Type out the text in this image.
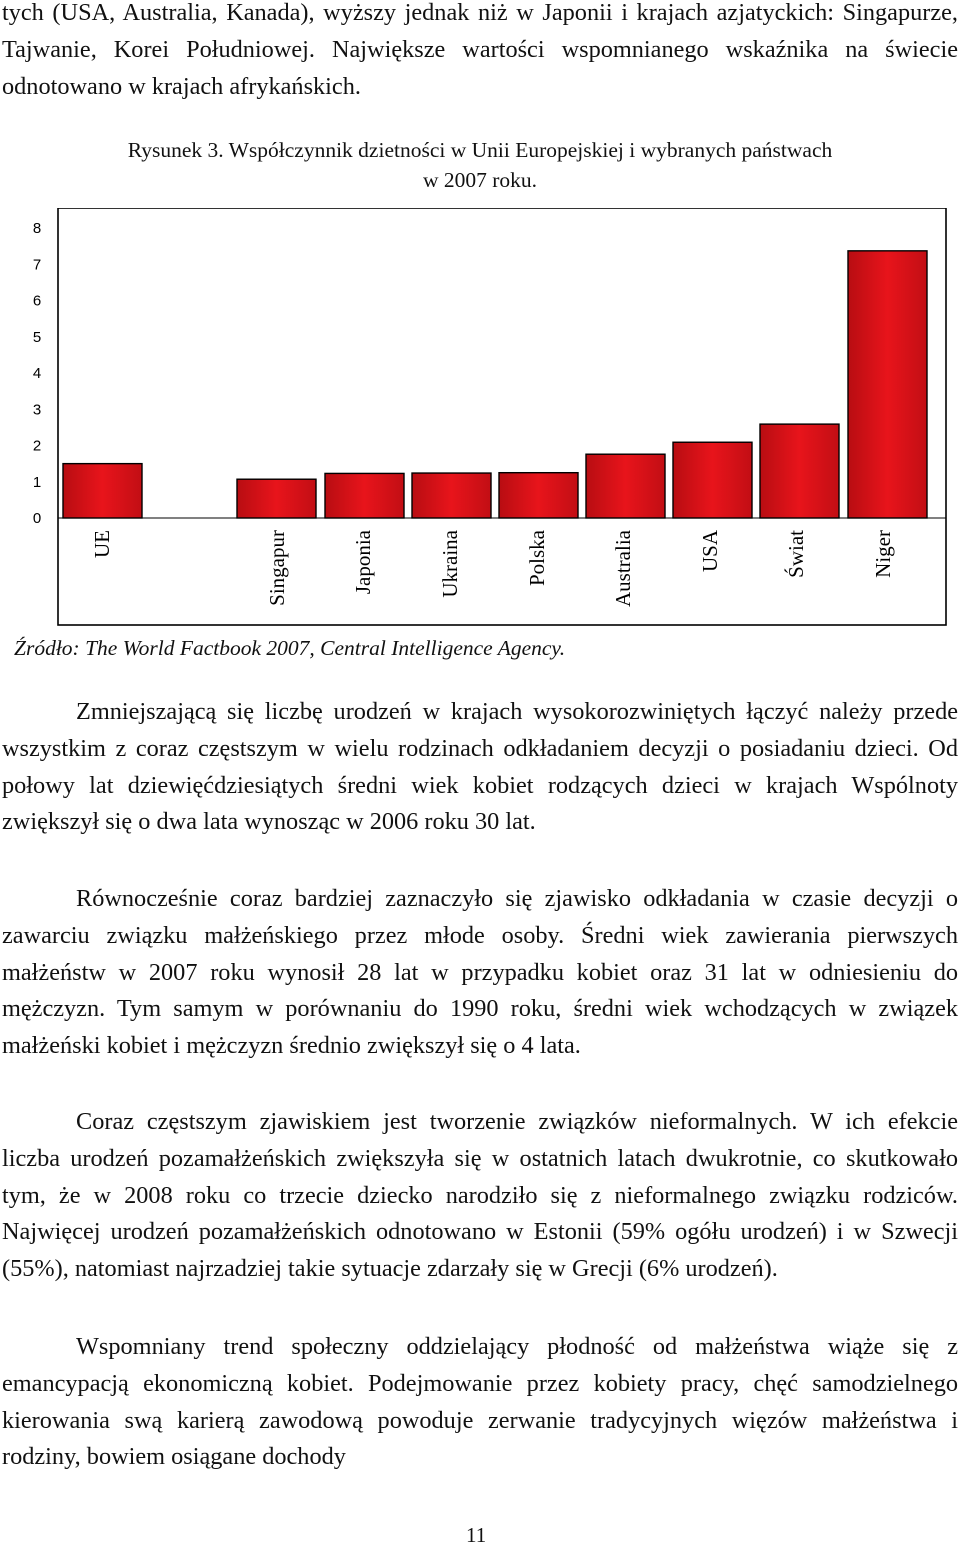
tych (USA, Australia, Kanada), wyższy jednak niż w Japonii i krajach azjatyckich: Singapurze, Tajwanie, Korei Południowej. Największe wartości wspomnianego wskaźnika na świecie odnotowano w krajach afrykańskich.
Rysunek 3. Współczynnik dzietności w Unii Europejskiej i wybranych państwach
w 2007 roku.
0
1
2
3
4
5
6
7
8
UE	Singapur	Japonia	Ukraina	Polska	Australia	USA	Świat	Niger
Źródło: The World Factbook 2007, Central Intelligence Agency.
Zmniejszającą się liczbę urodzeń w krajach wysokorozwiniętych łączyć należy przede wszystkim z coraz częstszym w wielu rodzinach odkładaniem decyzji o posiadaniu dzieci. Od połowy lat dziewięćdziesiątych średni wiek kobiet rodzących dzieci w krajach Wspólnoty zwiększył się o dwa lata wynosząc w 2006 roku 30 lat.
Równocześnie coraz bardziej zaznaczyło się zjawisko odkładania w czasie decyzji o zawarciu związku małżeńskiego przez młode osoby. Średni wiek zawierania pierwszych małżeństw w 2007 roku wynosił 28 lat w przypadku kobiet oraz 31 lat w odniesieniu do mężczyzn. Tym samym w porównaniu do 1990 roku, średni wiek wchodzących w związek małżeński kobiet i mężczyzn średnio zwiększył się o 4 lata.
Coraz częstszym zjawiskiem jest tworzenie związków nieformalnych. W ich efekcie liczba urodzeń pozamałżeńskich zwiększyła się w ostatnich latach dwukrotnie, co skutkowało tym, że w 2008 roku co trzecie dziecko narodziło się z nieformalnego związku rodziców. Najwięcej urodzeń pozamałżeńskich odnotowano w Estonii (59% ogółu urodzeń) i w Szwecji (55%), natomiast najrzadziej takie sytuacje zdarzały się w Grecji (6% urodzeń).
Wspomniany trend społeczny oddzielający płodność od małżeństwa wiąże się z emancypacją ekonomiczną kobiet. Podejmowanie przez kobiety pracy, chęć samodzielnego kierowania swą karierą zawodową powoduje zerwanie tradycyjnych więzów małżeństwa i rodziny, bowiem osiągane dochody
11
